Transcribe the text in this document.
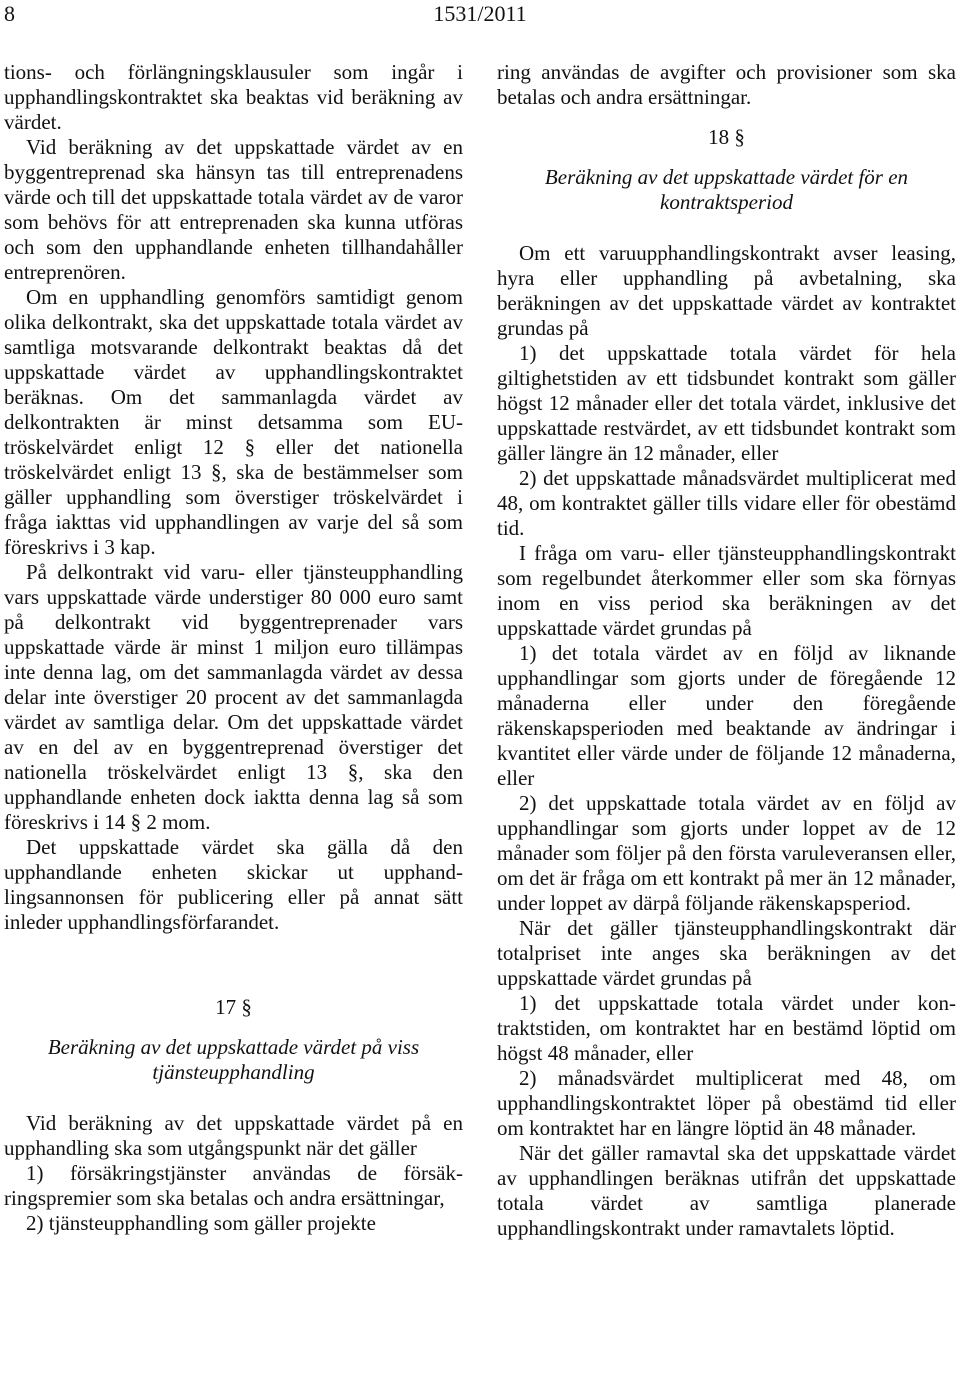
8	1531/2011

tions- och förlängningsklausuler som ingår i upphandlingskontraktet ska beaktas vid beräkning av värdet.

Vid beräkning av det uppskattade värdet av en byggentreprenad ska hänsyn tas till entreprenadens värde och till det uppskattade totala värdet av de varor som behövs för att entreprenaden ska kunna utföras och som den upphandlande enheten tillhandahåller entreprenören.

Om en upphandling genomförs samtidigt genom olika delkontrakt, ska det uppskattade totala värdet av samtliga motsvarande delkontrakt beaktas då det uppskattade värdet av upphandlingskontraktet beräknas. Om det sammanlagda värdet av delkontrakten är minst detsamma som EU-tröskelvärdet enligt 12 § eller det nationella tröskelvärdet enligt 13 §, ska de bestämmelser som gäller upphandling som överstiger tröskelvärdet i fråga iakttas vid upphandlingen av varje del så som föreskrivs i 3 kap.

På delkontrakt vid varu- eller tjänsteupphandling vars uppskattade värde understiger 80 000 euro samt på delkontrakt vid byggentreprenader vars uppskattade värde är minst 1 miljon euro tillämpas inte denna lag, om det sammanlagda värdet av dessa delar inte överstiger 20 procent av det sammanlagda värdet av samtliga delar. Om det uppskattade värdet av en del av en byggentreprenad överstiger det nationella tröskelvärdet enligt 13 §, ska den upphandlande enheten dock iaktta denna lag så som föreskrivs i 14 § 2 mom.

Det uppskattade värdet ska gälla då den upphandlande enheten skickar ut upphandlingsannonsen för publicering eller på annat sätt inleder upphandlingsförfarandet.

17 §

Beräkning av det uppskattade värdet på viss tjänsteupphandling

Vid beräkning av det uppskattade värdet på en upphandling ska som utgångspunkt när det gäller

1) försäkringstjänster användas de försäkringspremier som ska betalas och andra ersättningar,

2) tjänsteupphandling som gäller projekte

ring användas de avgifter och provisioner som ska betalas och andra ersättningar.

18 §

Beräkning av det uppskattade värdet för en kontraktsperiod

Om ett varuupphandlingskontrakt avser leasing, hyra eller upphandling på avbetalning, ska beräkningen av det uppskattade värdet av kontraktet grundas på

1) det uppskattade totala värdet för hela giltighetstiden av ett tidsbundet kontrakt som gäller högst 12 månader eller det totala värdet, inklusive det uppskattade restvärdet, av ett tidsbundet kontrakt som gäller längre än 12 månader, eller

2) det uppskattade månadsvärdet multiplicerat med 48, om kontraktet gäller tills vidare eller för obestämd tid.

I fråga om varu- eller tjänsteupphandlingskontrakt som regelbundet återkommer eller som ska förnyas inom en viss period ska beräkningen av det uppskattade värdet grundas på

1) det totala värdet av en följd av liknande upphandlingar som gjorts under de föregående 12 månaderna eller under den föregående räkenskapsperioden med beaktande av ändringar i kvantitet eller värde under de följande 12 månaderna, eller

2) det uppskattade totala värdet av en följd av upphandlingar som gjorts under loppet av de 12 månader som följer på den första varuleveransen eller, om det är fråga om ett kontrakt på mer än 12 månader, under loppet av därpå följande räkenskapsperiod.

När det gäller tjänsteupphandlingskontrakt där totalpriset inte anges ska beräkningen av det uppskattade värdet grundas på

1) det uppskattade totala värdet under kontraktstiden, om kontraktet har en bestämd löptid om högst 48 månader, eller

2) månadsvärdet multiplicerat med 48, om upphandlingskontraktet löper på obestämd tid eller om kontraktet har en längre löptid än 48 månader.

När det gäller ramavtal ska det uppskattade värdet av upphandlingen beräknas utifrån det uppskattade totala värdet av samtliga planerade upphandlingskontrakt under ramavtalets löptid.
